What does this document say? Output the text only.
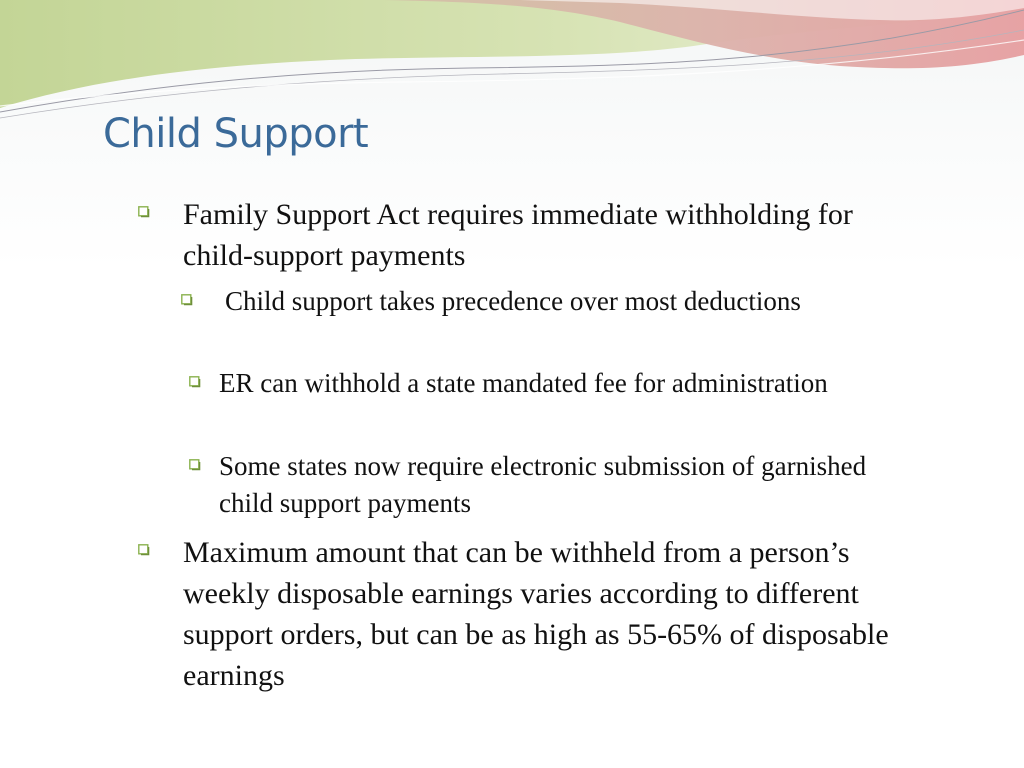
Child Support
Family Support Act requires immediate withholding for child-support payments
Child support takes precedence over most deductions
ER can withhold a state mandated fee for administration
Some states now require electronic submission of garnished child support payments
Maximum amount that can be withheld from a person’s weekly disposable earnings varies according to different support orders, but can be as high as 55-65% of disposable earnings
